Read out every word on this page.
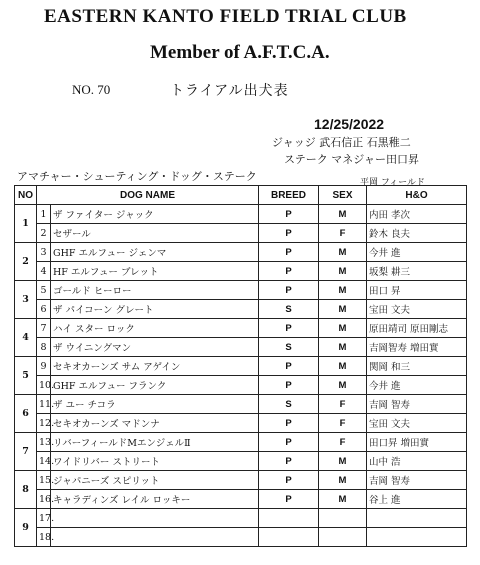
EASTERN KANTO FIELD TRIAL CLUB
Member of A.F.T.C.A.
NO. 70	トライアル出犬表
12/25/2022
ジャッジ 武石信正 石黒稚二
ステーク マネジャー田口昇
アマチャー・シューティング・ドッグ・ステーク	平岡 フィールド
NO	DOG NAME		BREED	SEX	H&O
1	1	ザ ファイター ジャック	P	M	内田 孝次
	2	セザール	P	F	鈴木 良夫
2	3	GHF エルフュー ジェンマ	P	M	今井 進
	4	HF エルフュー ブレット	P	M	坂梨 耕三
3	5	ゴールド ヒーロー	P	M	田口 昇
	6	ザ パイコーン グレート	S	M	宝田 文夫
4	7	ハイ スター ロック	P	M	原田靖司 原田剛志
	8	ザ ウイニングマン	S	M	吉岡智寿 増田實
5	9	セキオカーンズ サム アゲイン	P	M	関岡 和三
	10.	GHF エルフュー フランク	P	M	今井 進
6	11.	ザ ユー チコラ	S	F	吉岡 智寿
	12.	セキオカーンズ マドンナ	P	F	宝田 文夫
7	13.	リバーフィールドMエンジェルⅡ	P	F	田口昇 増田實
	14.	ワイドリバー ストリート	P	M	山中 浩
8	15.	ジャパニーズ スピリット	P	M	吉岡 智寿
	16.	キャラディンズ レイル ロッキー	P	M	谷上 進
9	17.				
	18.				
